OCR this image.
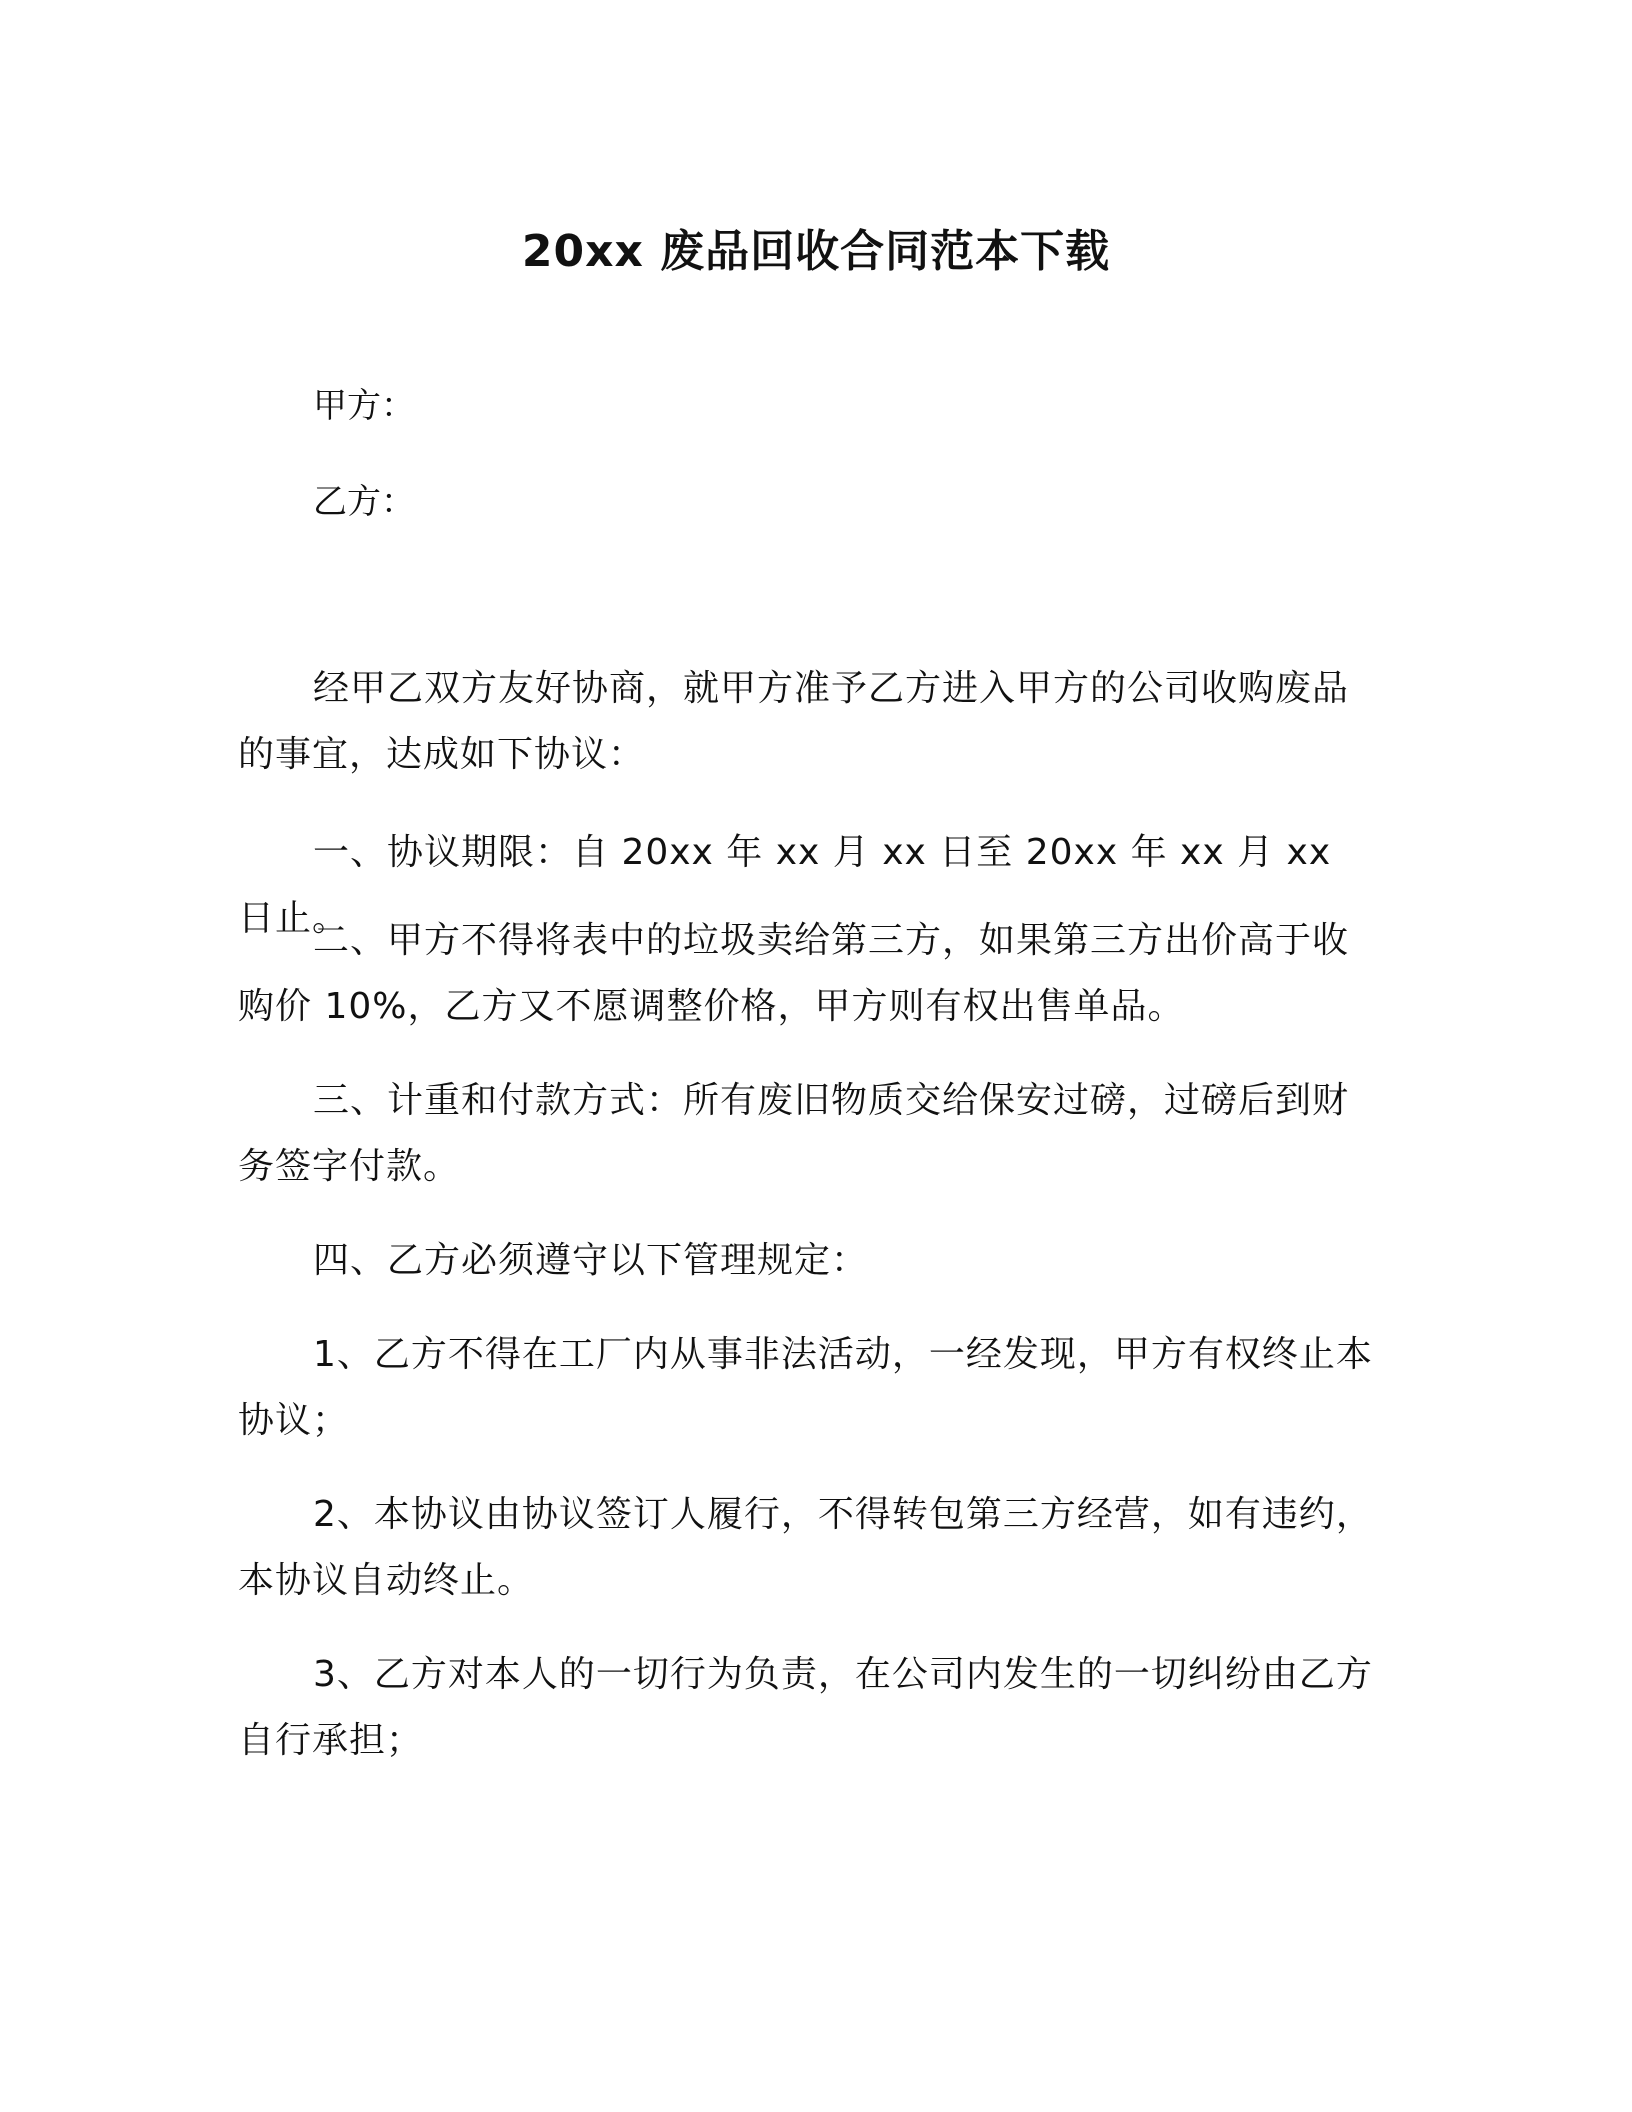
20xx 废品回收合同范本下载
甲方：
乙方：

经甲乙双方友好协商，就甲方准予乙方进入甲方的公司收购废品的事宜，达成如下协议：

一、协议期限：自 20xx 年 xx 月 xx 日至 20xx 年 xx 月 xx 日止。

二、甲方不得将表中的垃圾卖给第三方，如果第三方出价高于收购价 10%，乙方又不愿调整价格，甲方则有权出售单品。

三、计重和付款方式：所有废旧物质交给保安过磅，过磅后到财务签字付款。

四、乙方必须遵守以下管理规定：

1、乙方不得在工厂内从事非法活动，一经发现，甲方有权终止本协议；

2、本协议由协议签订人履行，不得转包第三方经营，如有违约，本协议自动终止。

3、乙方对本人的一切行为负责，在公司内发生的一切纠纷由乙方自行承担；
